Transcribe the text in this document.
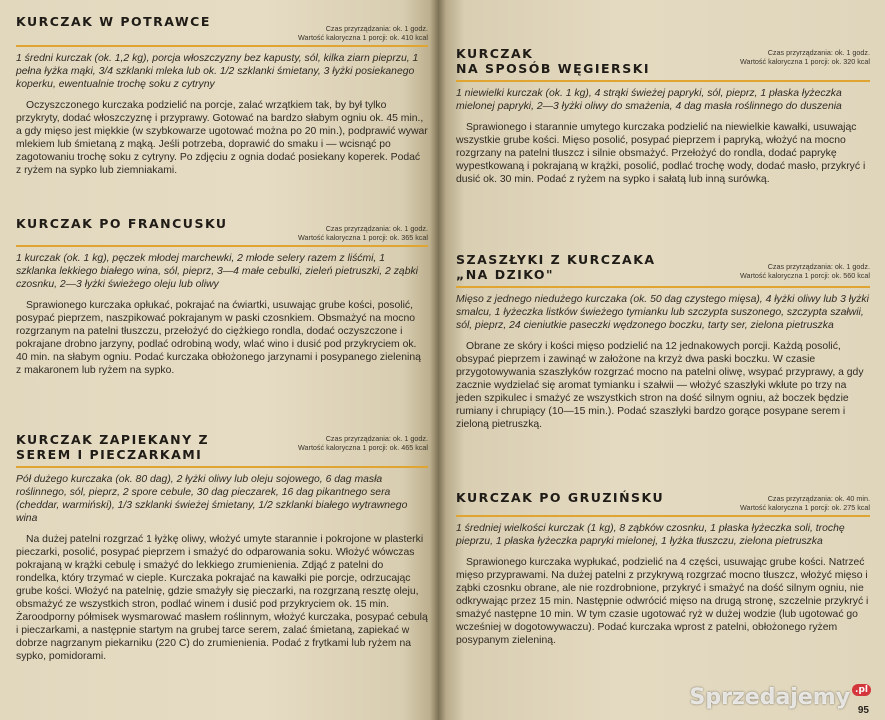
KURCZAK W POTRAWCE	Czas przyrządzania: ok. 1 godz.
Wartość kaloryczna 1 porcji: ok. 410 kcal

1 średni kurczak (ok. 1,2 kg), porcja włoszczyzny bez kapusty, sól, kilka ziarn pieprzu, 1 pełna łyżka mąki, 3/4 szklanki mleka lub ok. 1/2 szklanki śmietany, 3 łyżki posiekanego koperku, ewentualnie trochę soku z cytryny

Oczyszczonego kurczaka podzielić na porcje, zalać wrzątkiem tak, by był tylko przykryty, dodać włoszczyznę i przyprawy. Gotować na bardzo słabym ogniu ok. 45 min., a gdy mięso jest miękkie (w szybkowarze ugotować można po 20 min.), podprawić wywar mlekiem lub śmietaną z mąką. Jeśli potrzeba, doprawić do smaku i — wcisnąć po zagotowaniu trochę soku z cytryny. Po zdjęciu z ognia dodać posiekany koperek. Podać z ryżem na sypko lub ziemniakami.

KURCZAK PO FRANCUSKU	Czas przyrządzania: ok. 1 godz.
Wartość kaloryczna 1 porcji: ok. 365 kcal

1 kurczak (ok. 1 kg), pęczek młodej marchewki, 2 młode selery razem z liśćmi, 1 szklanka lekkiego białego wina, sól, pieprz, 3—4 małe cebulki, zieleń pietruszki, 2 ząbki czosnku, 2—3 łyżki świeżego oleju lub oliwy

Sprawionego kurczaka opłukać, pokrajać na ćwiartki, usuwając grube kości, posolić, posypać pieprzem, naszpikować pokrajanym w paski czosnkiem. Obsmażyć na mocno rozgrzanym na patelni tłuszczu, przełożyć do ciężkiego rondla, dodać oczyszczone i pokrajane drobno jarzyny, podlać odrobiną wody, wlać wino i dusić pod przykryciem ok. 40 min. na słabym ogniu. Podać kurczaka obłożonego jarzynami i posypanego zieleniną z makaronem lub ryżem na sypko.

KURCZAK ZAPIEKANY Z SEREM I PIECZARKAMI
Czas przyrządzania: ok. 1 godz.
Wartość kaloryczna 1 porcji: ok. 465 kcal

Pół dużego kurczaka (ok. 80 dag), 2 łyżki oliwy lub oleju sojowego, 6 dag masła roślinnego, sól, pieprz, 2 spore cebule, 30 dag pieczarek, 16 dag pikantnego sera (cheddar, warmiński), 1/3 szklanki świeżej śmietany, 1/2 szklanki białego wytrawnego wina

Na dużej patelni rozgrzać 1 łyżkę oliwy, włożyć umyte starannie i pokrojone w plasterki pieczarki, posolić, posypać pieprzem i smażyć do odparowania soku. Włożyć wówczas pokrajaną w krążki cebulę i smażyć do lekkiego zrumienienia. Zdjąć z patelni do rondelka, który trzymać w cieple. Kurczaka pokrajać na kawałki pie porcje, odrzucając grube kości. Włożyć na patelnię, gdzie smażyły się pieczarki, na rozgrzaną resztę oleju, obsmażyć ze wszystkich stron, podlać winem i dusić pod przykryciem ok. 15 min. Żaroodporny półmisek wysmarować masłem roślinnym, włożyć kurczaka, posypać cebulą i pieczarkami, a następnie startym na grubej tarce serem, zalać śmietaną, zapiekać w dobrze nagrzanym piekarniku (220 C) do zrumienienia. Podać z frytkami lub ryżem na sypko, pomidorami.

KURCZAK
NA SPOSÓB WĘGIERSKI
Czas przyrządzania: ok. 1 godz.
Wartość kaloryczna 1 porcji: ok. 320 kcal

1 niewielki kurczak (ok. 1 kg), 4 strąki świeżej papryki, sól, pieprz, 1 płaska łyżeczka mielonej papryki, 2—3 łyżki oliwy do smażenia, 4 dag masła roślinnego do duszenia

Sprawionego i starannie umytego kurczaka podzielić na niewielkie kawałki, usuwając wszystkie grube kości. Mięso posolić, posypać pieprzem i papryką, włożyć na mocno rozgrzany na patelni tłuszcz i silnie obsmażyć. Przełożyć do rondla, dodać paprykę wypestkowaną i pokrajaną w krążki, posolić, podlać trochę wody, dodać masło, przykryć i dusić ok. 30 min. Podać z ryżem na sypko i sałatą lub inną surówką.

SZASZŁYKI Z KURCZAKA
„NA DZIKO"
Czas przyrządzania: ok. 1 godz.
Wartość kaloryczna 1 porcji: ok. 560 kcal

Mięso z jednego niedużego kurczaka (ok. 50 dag czystego mięsa), 4 łyżki oliwy lub 3 łyżki smalcu, 1 łyżeczka listków świeżego tymianku lub szczypta suszonego, szczypta szałwii, sól, pieprz, 24 cieniutkie paseczki wędzonego boczku, tarty ser, zielona pietruszka

Obrane ze skóry i kości mięso podzielić na 12 jednakowych porcji. Każdą posolić, obsypać pieprzem i zawinąć w założone na krzyż dwa paski boczku. W czasie przygotowywania szaszłyków rozgrzać mocno na patelni oliwę, wsypać przyprawy, a gdy zacznie wydzielać się aromat tymianku i szałwii — włożyć szaszłyki wkłute po trzy na jeden szpikulec i smażyć ze wszystkich stron na dość silnym ogniu, aż boczek będzie rumiany i chrupiący (10—15 min.). Podać szaszłyki bardzo gorące posypane serem i zieloną pietruszką.

KURCZAK PO GRUZIŃSKU	Czas przyrządzania: ok. 40 min.
Wartość kaloryczna 1 porcji: ok. 275 kcal

1 średniej wielkości kurczak (1 kg), 8 ząbków czosnku, 1 płaska łyżeczka soli, trochę pieprzu, 1 płaska łyżeczka papryki mielonej, 1 łyżka tłuszczu, zielona pietruszka

Sprawionego kurczaka wypłukać, podzielić na 4 części, usuwając grube kości. Natrzeć mięso przyprawami. Na dużej patelni z przykrywą rozgrzać mocno tłuszcz, włożyć mięso i ząbki czosnku obrane, ale nie rozdrobnione, przykryć i smażyć na dość silnym ogniu, nie odkrywając przez 15 min. Następnie odwrócić mięso na drugą stronę, szczelnie przykryć i smażyć następne 10 min. W tym czasie ugotować ryż w dużej wodzie (lub ugotować go wcześniej w dogotowywaczu). Podać kurczaka wprost z patelni, obłożonego ryżem posypanym zieleniną.

95
Sprzedajemy $^{.pl}$
